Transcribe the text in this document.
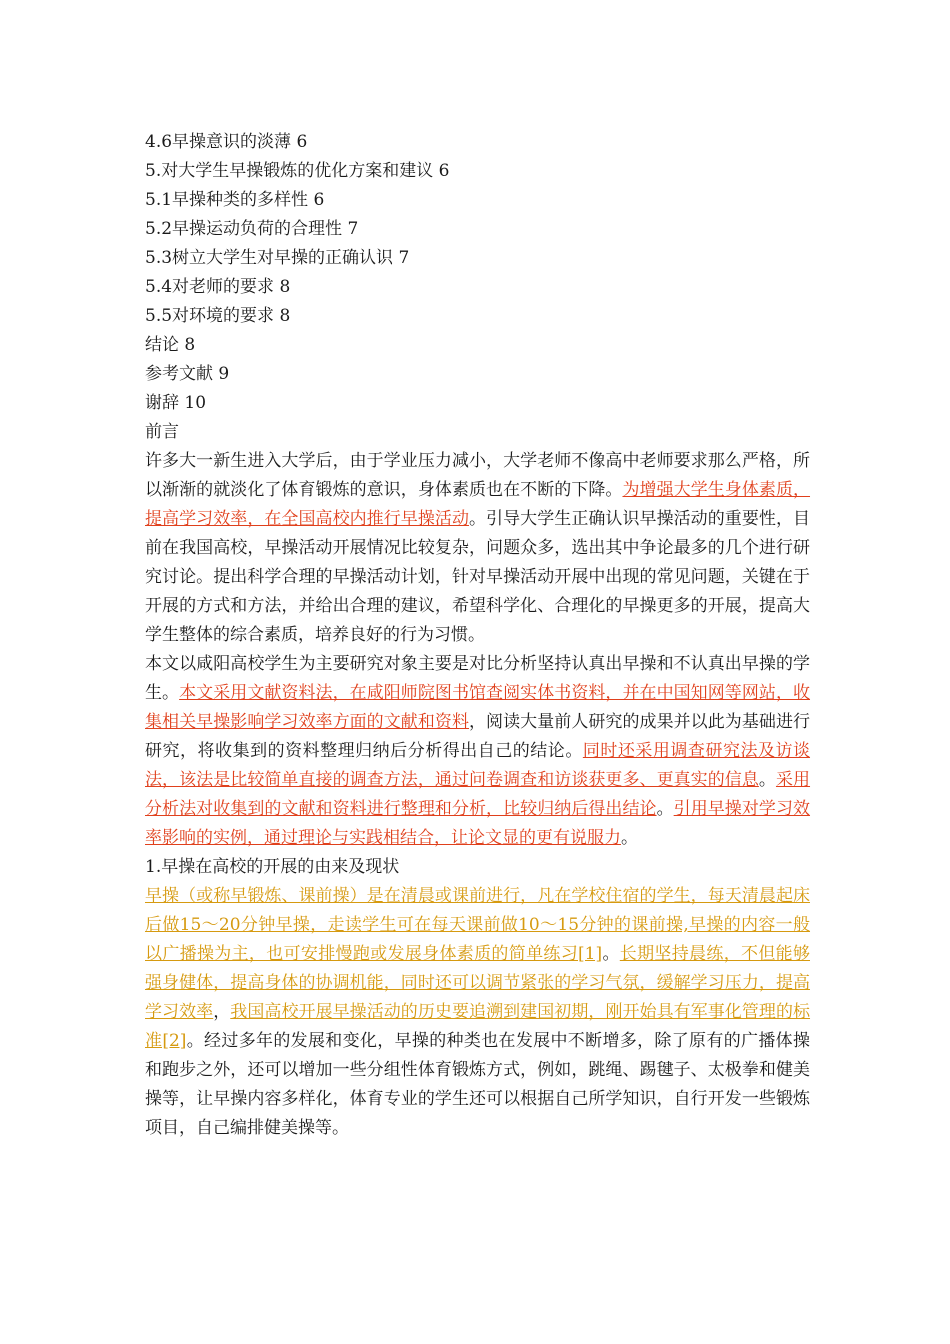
4.6早操意识的淡薄 6
5.对大学生早操锻炼的优化方案和建议 6
5.1早操种类的多样性 6
5.2早操运动负荷的合理性 7
5.3树立大学生对早操的正确认识 7
5.4对老师的要求 8
5.5对环境的要求 8
结论 8
参考文献 9
谢辞 10
前言
许多大一新生进入大学后，由于学业压力减小，大学老师不像高中老师要求那么严格，所以渐渐的就淡化了体育锻炼的意识，身体素质也在不断的下降。为增强大学生身体素质，提高学习效率，在全国高校内推行早操活动。引导大学生正确认识早操活动的重要性，目前在我国高校，早操活动开展情况比较复杂，问题众多，选出其中争论最多的几个进行研究讨论。提出科学合理的早操活动计划，针对早操活动开展中出现的常见问题，关键在于开展的方式和方法，并给出合理的建议，希望科学化、合理化的早操更多的开展，提高大学生整体的综合素质，培养良好的行为习惯。
本文以咸阳高校学生为主要研究对象主要是对比分析坚持认真出早操和不认真出早操的学生。本文采用文献资料法，在咸阳师院图书馆查阅实体书资料，并在中国知网等网站，收集相关早操影响学习效率方面的文献和资料，阅读大量前人研究的成果并以此为基础进行研究，将收集到的资料整理归纳后分析得出自己的结论。同时还采用调查研究法及访谈法，该法是比较简单直接的调查方法，通过问卷调查和访谈获更多、更真实的信息。采用分析法对收集到的文献和资料进行整理和分析，比较归纳后得出结论。引用早操对学习效率影响的实例，通过理论与实践相结合，让论文显的更有说服力。
1.早操在高校的开展的由来及现状
早操（或称早锻炼、课前操）是在清晨或课前进行，凡在学校住宿的学生，每天清晨起床后做15～20分钟早操，走读学生可在每天课前做10～15分钟的课前操,早操的内容一般以广播操为主，也可安排慢跑或发展身体素质的简单练习[1]。长期坚持晨练，不但能够强身健体，提高身体的协调机能，同时还可以调节紧张的学习气氛，缓解学习压力，提高学习效率，我国高校开展早操活动的历史要追溯到建国初期，刚开始具有军事化管理的标准[2]。经过多年的发展和变化，早操的种类也在发展中不断增多，除了原有的广播体操和跑步之外，还可以增加一些分组性体育锻炼方式，例如，跳绳、踢毽子、太极拳和健美操等，让早操内容多样化，体育专业的学生还可以根据自己所学知识，自行开发一些锻炼项目，自己编排健美操等。
